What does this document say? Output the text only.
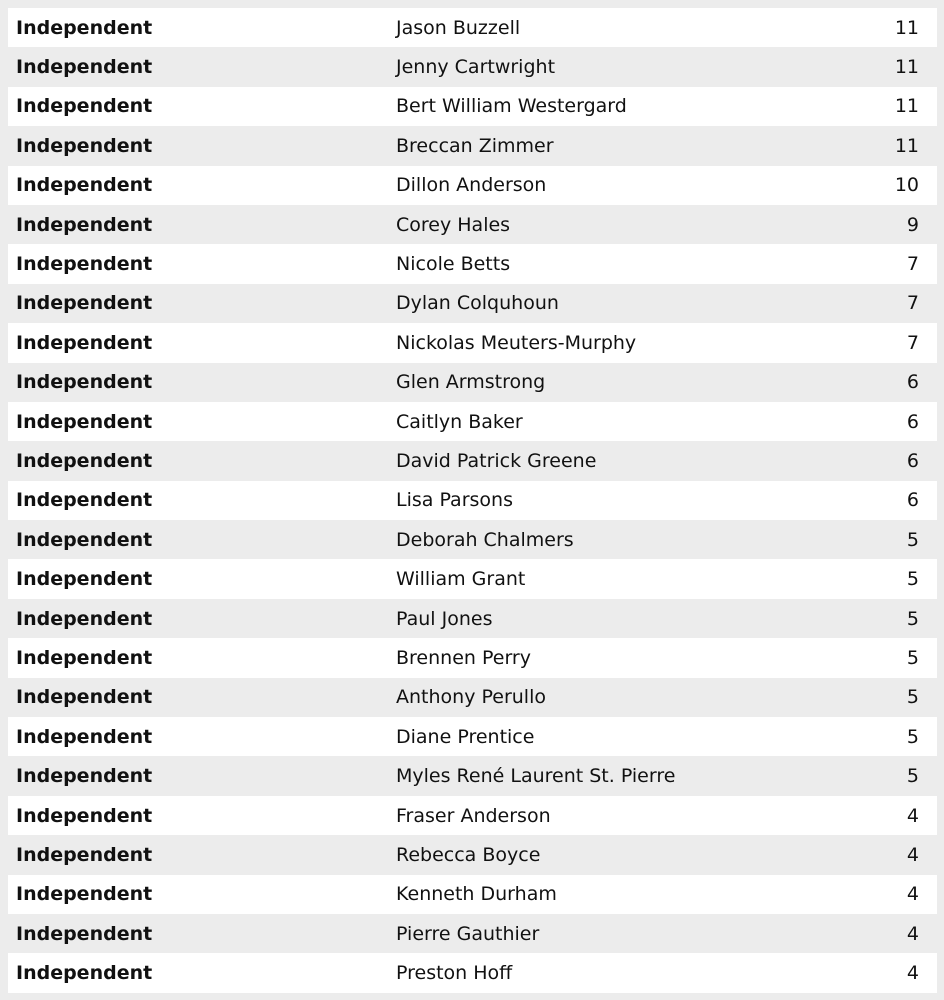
Independent	Jason Buzzell	11
Independent	Jenny Cartwright	11
Independent	Bert William Westergard	11
Independent	Breccan Zimmer	11
Independent	Dillon Anderson	10
Independent	Corey Hales	9
Independent	Nicole Betts	7
Independent	Dylan Colquhoun	7
Independent	Nickolas Meuters-Murphy	7
Independent	Glen Armstrong	6
Independent	Caitlyn Baker	6
Independent	David Patrick Greene	6
Independent	Lisa Parsons	6
Independent	Deborah Chalmers	5
Independent	William Grant	5
Independent	Paul Jones	5
Independent	Brennen Perry	5
Independent	Anthony Perullo	5
Independent	Diane Prentice	5
Independent	Myles René Laurent St. Pierre	5
Independent	Fraser Anderson	4
Independent	Rebecca Boyce	4
Independent	Kenneth Durham	4
Independent	Pierre Gauthier	4
Independent	Preston Hoff	4
